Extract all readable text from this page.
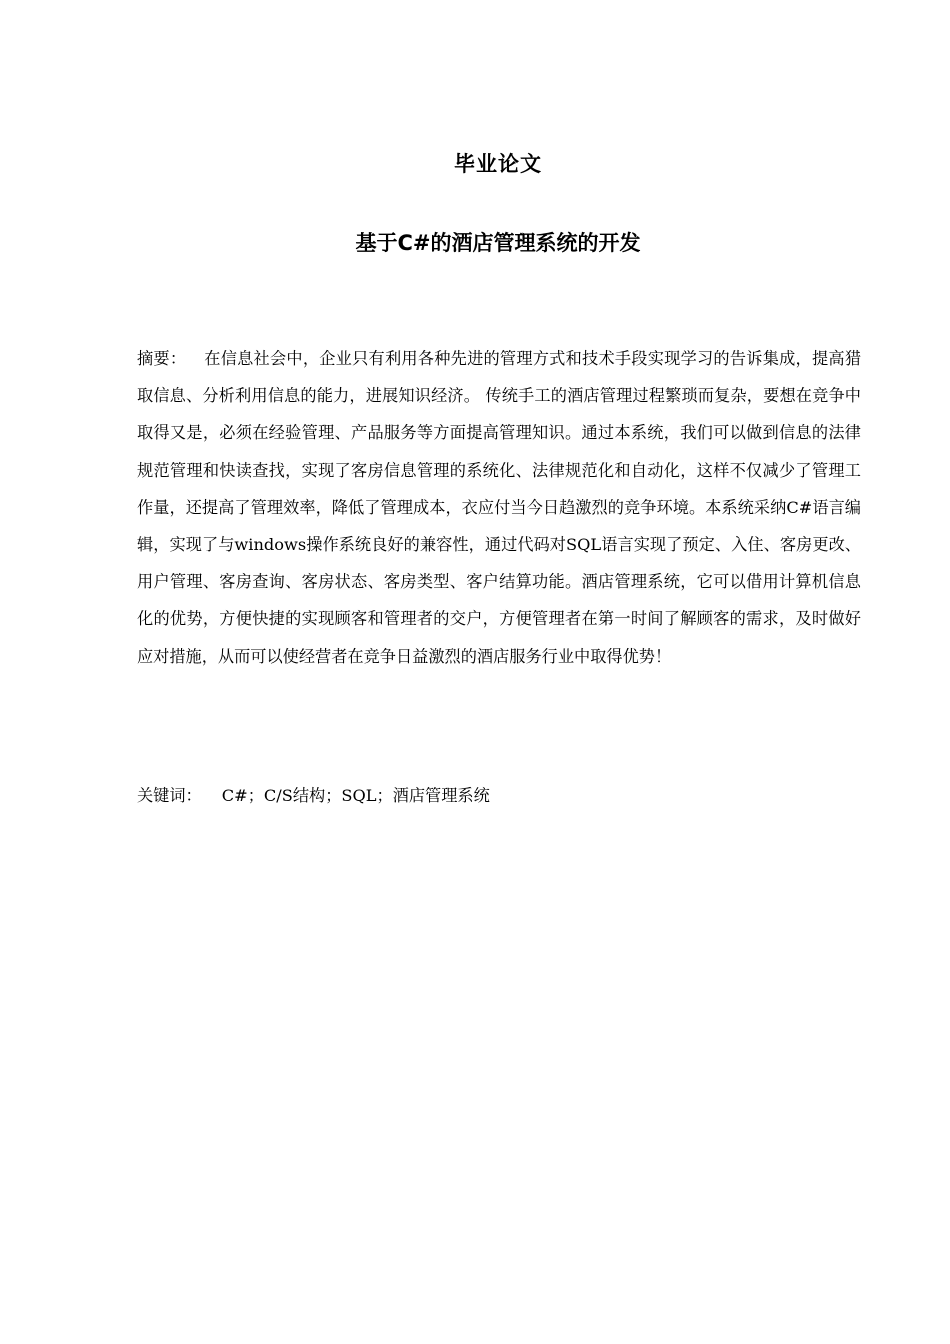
毕业论文
基于C#的酒店管理系统的开发

摘要： 在信息社会中，企业只有利用各种先进的管理方式和技术手段实现学习的告诉集成，提高猎取信息、分析利用信息的能力，进展知识经济。 传统手工的酒店管理过程繁琐而复杂，要想在竞争中取得又是，必须在经验管理、产品服务等方面提高管理知识。通过本系统，我们可以做到信息的法律规范管理和快读查找，实现了客房信息管理的系统化、法律规范化和自动化，这样不仅减少了管理工作量，还提高了管理效率，降低了管理成本，衣应付当今日趋激烈的竞争环境。本系统采纳C#语言编辑，实现了与windows操作系统良好的兼容性，通过代码对SQL语言实现了预定、入住、客房更改、用户管理、客房查询、客房状态、客房类型、客户结算功能。酒店管理系统，它可以借用计算机信息化的优势，方便快捷的实现顾客和管理者的交户，方便管理者在第一时间了解顾客的需求，及时做好应对措施，从而可以使经营者在竞争日益激烈的酒店服务行业中取得优势！

关键词： C#；C/S结构；SQL；酒店管理系统
